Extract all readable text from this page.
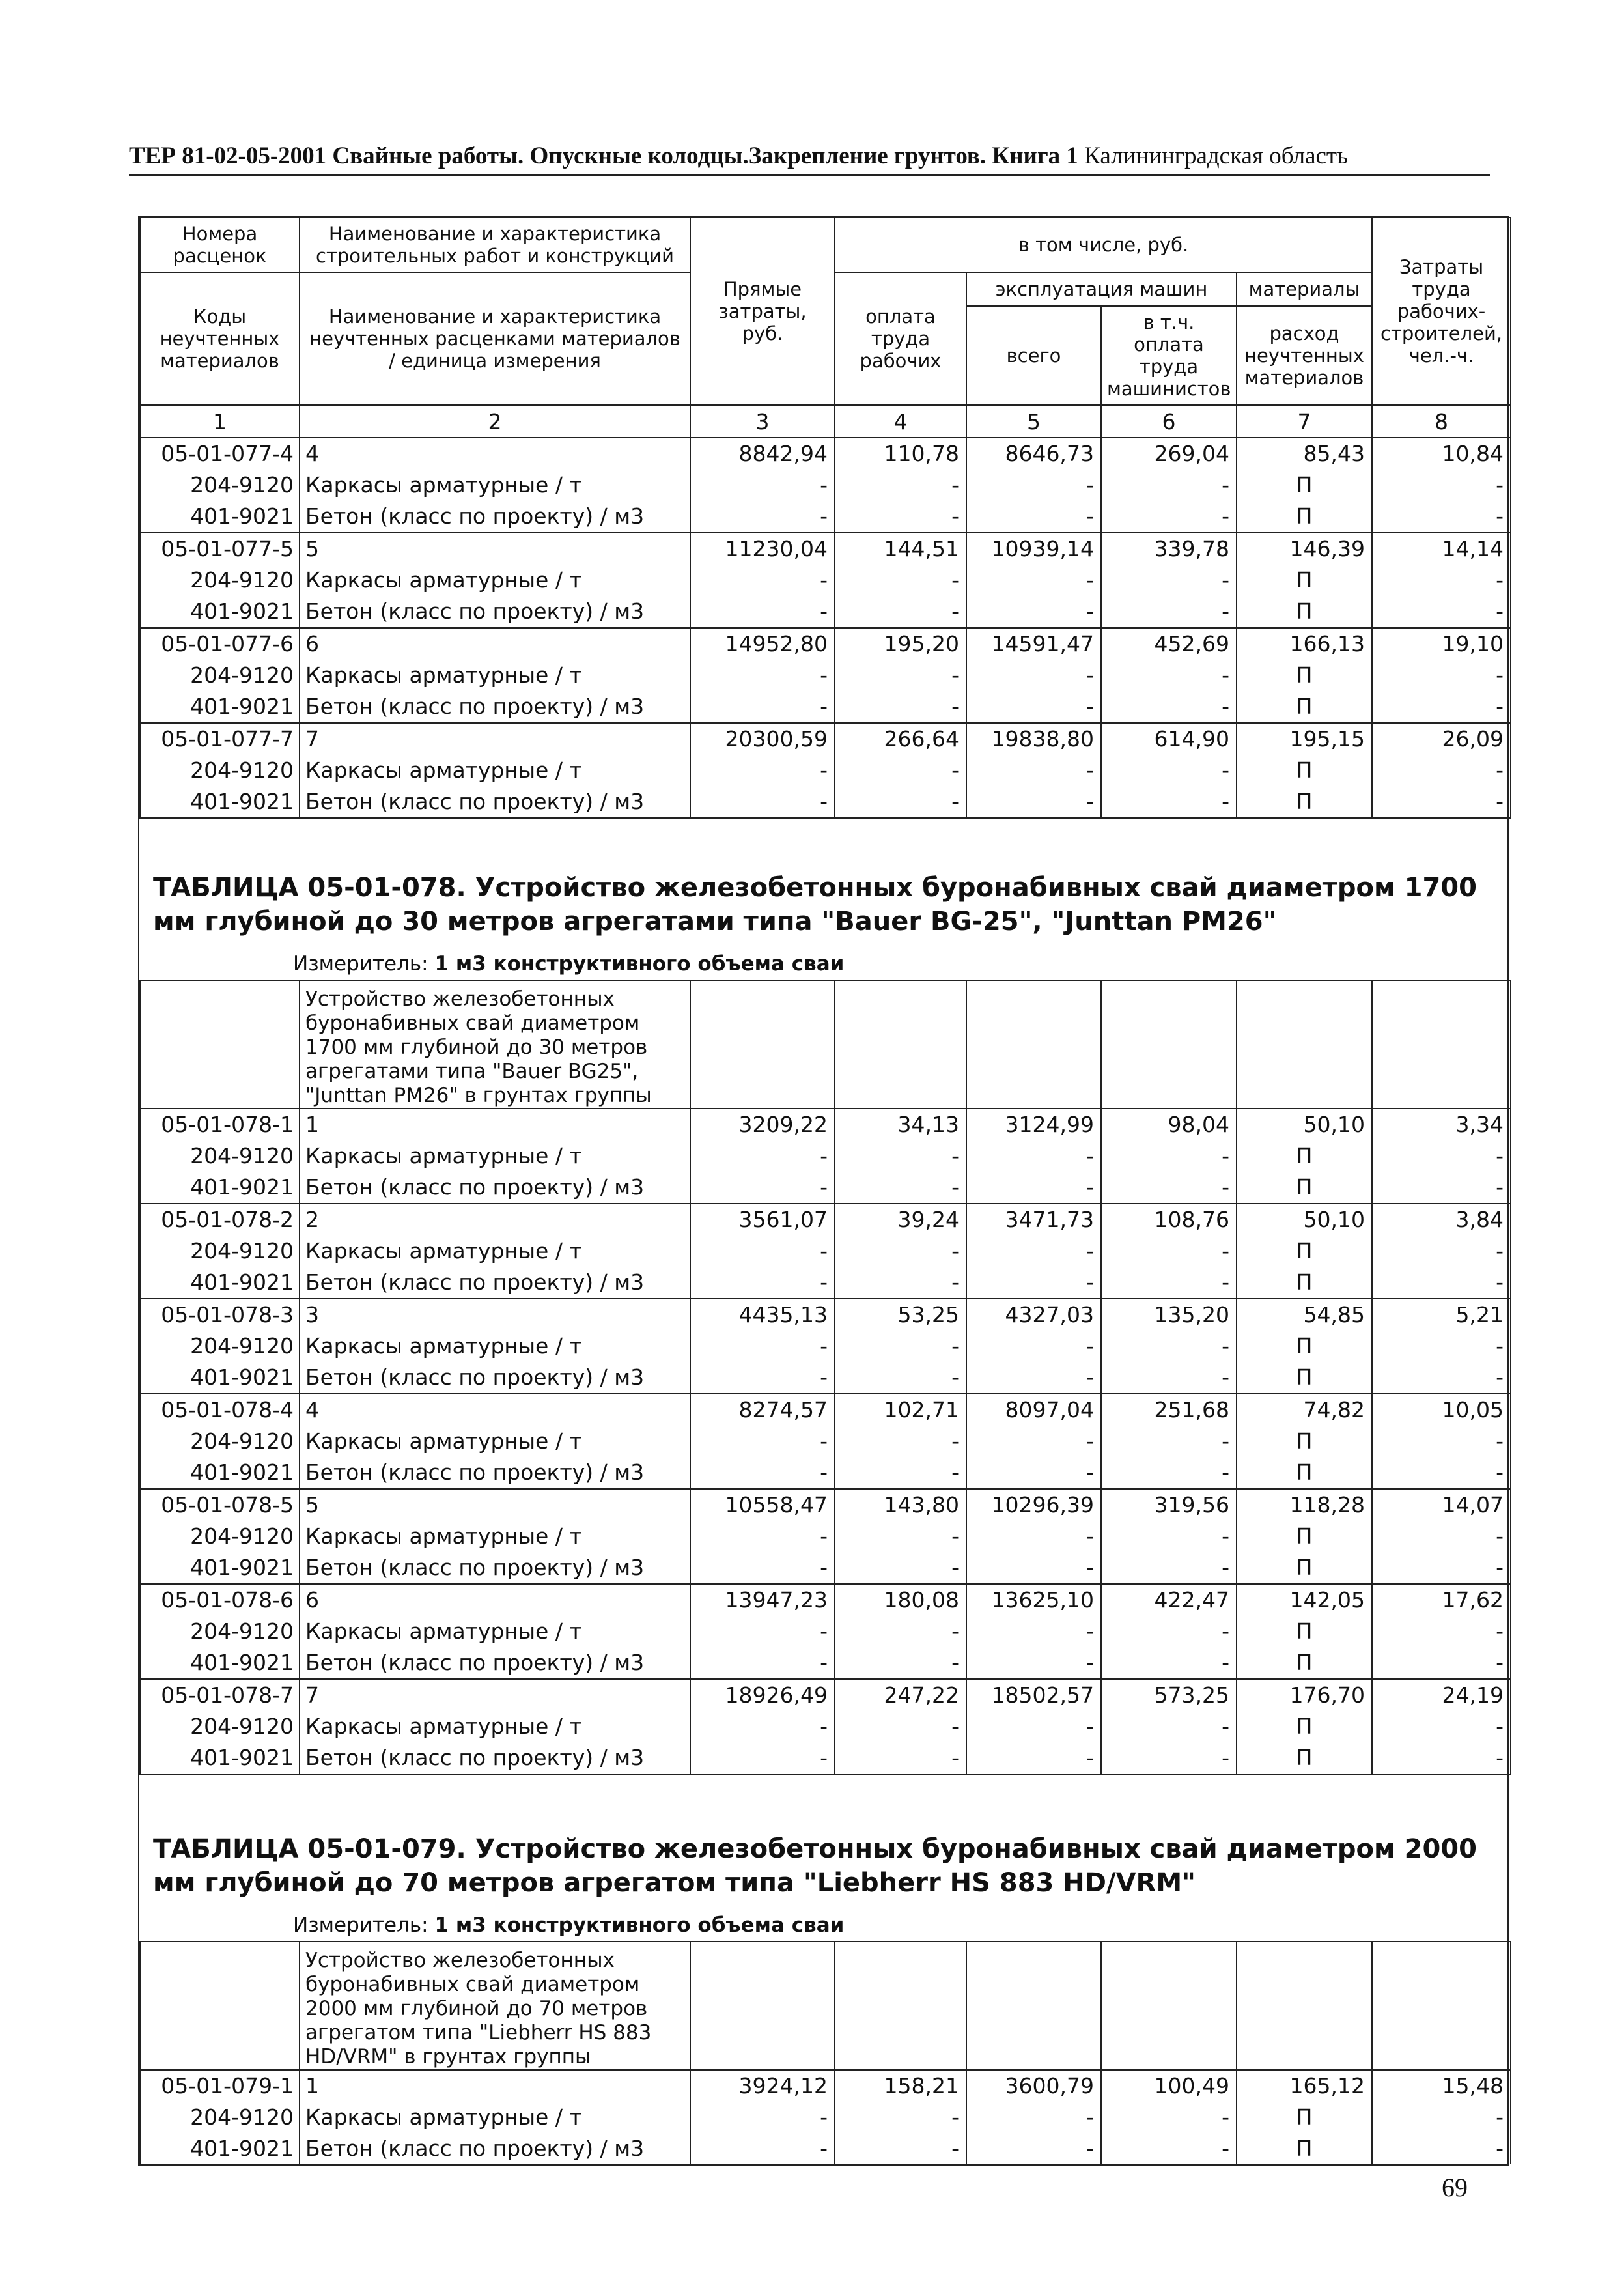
ТЕР 81-02-05-2001 Свайные работы. Опускные колодцы.Закрепление грунтов. Книга 1 Калининградская область
Номера расценок	Наименование и характеристика строительных работ и конструкций	Прямые затраты, руб.	в том числе, руб.				Затраты труда рабочих-строителей, чел.-ч.
Коды неучтенных материалов	Наименование и характеристика неучтенных расценками материалов / единица измерения		оплата труда рабочих	эксплуатация машин		материалы	
				всего	в т.ч. оплата труда машинистов	расход неучтенных материалов	

1	2	3	4	5	6	7	8
05-01-077-4	4	8842,94	110,78	8646,73	269,04	85,43	10,84
204-9120	Каркасы арматурные / т	-	-	-	-	П	-
401-9021	Бетон (класс по проекту) / м3	-	-	-	-	П	-
05-01-077-5	5	11230,04	144,51	10939,14	339,78	146,39	14,14
204-9120	Каркасы арматурные / т	-	-	-	-	П	-
401-9021	Бетон (класс по проекту) / м3	-	-	-	-	П	-
05-01-077-6	6	14952,80	195,20	14591,47	452,69	166,13	19,10
204-9120	Каркасы арматурные / т	-	-	-	-	П	-
401-9021	Бетон (класс по проекту) / м3	-	-	-	-	П	-
05-01-077-7	7	20300,59	266,64	19838,80	614,90	195,15	26,09
204-9120	Каркасы арматурные / т	-	-	-	-	П	-
401-9021	Бетон (класс по проекту) / м3	-	-	-	-	П	-
ТАБЛИЦА 05-01-078. Устройство железобетонных буронабивных свай диаметром 1700 мм глубиной до 30 метров агрегатами типа "Bauer BG-25", "Junttan PM26"							
Измеритель: 1 м3 конструктивного объема сваи							
	Устройство железобетонных
буронабивных свай диаметром
1700 мм глубиной до 30 метров
агрегатами типа "Bauer BG25",
"Junttan PM26" в грунтах группы						
05-01-078-1	1	3209,22	34,13	3124,99	98,04	50,10	3,34
204-9120	Каркасы арматурные / т	-	-	-	-	П	-
401-9021	Бетон (класс по проекту) / м3	-	-	-	-	П	-
05-01-078-2	2	3561,07	39,24	3471,73	108,76	50,10	3,84
204-9120	Каркасы арматурные / т	-	-	-	-	П	-
401-9021	Бетон (класс по проекту) / м3	-	-	-	-	П	-
05-01-078-3	3	4435,13	53,25	4327,03	135,20	54,85	5,21
204-9120	Каркасы арматурные / т	-	-	-	-	П	-
401-9021	Бетон (класс по проекту) / м3	-	-	-	-	П	-
05-01-078-4	4	8274,57	102,71	8097,04	251,68	74,82	10,05
204-9120	Каркасы арматурные / т	-	-	-	-	П	-
401-9021	Бетон (класс по проекту) / м3	-	-	-	-	П	-
05-01-078-5	5	10558,47	143,80	10296,39	319,56	118,28	14,07
204-9120	Каркасы арматурные / т	-	-	-	-	П	-
401-9021	Бетон (класс по проекту) / м3	-	-	-	-	П	-
05-01-078-6	6	13947,23	180,08	13625,10	422,47	142,05	17,62
204-9120	Каркасы арматурные / т	-	-	-	-	П	-
401-9021	Бетон (класс по проекту) / м3	-	-	-	-	П	-
05-01-078-7	7	18926,49	247,22	18502,57	573,25	176,70	24,19
204-9120	Каркасы арматурные / т	-	-	-	-	П	-
401-9021	Бетон (класс по проекту) / м3	-	-	-	-	П	-
ТАБЛИЦА 05-01-079. Устройство железобетонных буронабивных свай диаметром 2000 мм глубиной до 70 метров агрегатом типа "Liebherr HS 883 HD/VRM"							
Измеритель: 1 м3 конструктивного объема сваи							
	Устройство железобетонных
буронабивных свай диаметром
2000 мм глубиной до 70 метров
агрегатом типа "Liebherr HS 883
HD/VRM" в грунтах группы						
05-01-079-1	1	3924,12	158,21	3600,79	100,49	165,12	15,48
204-9120	Каркасы арматурные / т	-	-	-	-	П	-
401-9021	Бетон (класс по проекту) / м3	-	-	-	-	П	-
69
